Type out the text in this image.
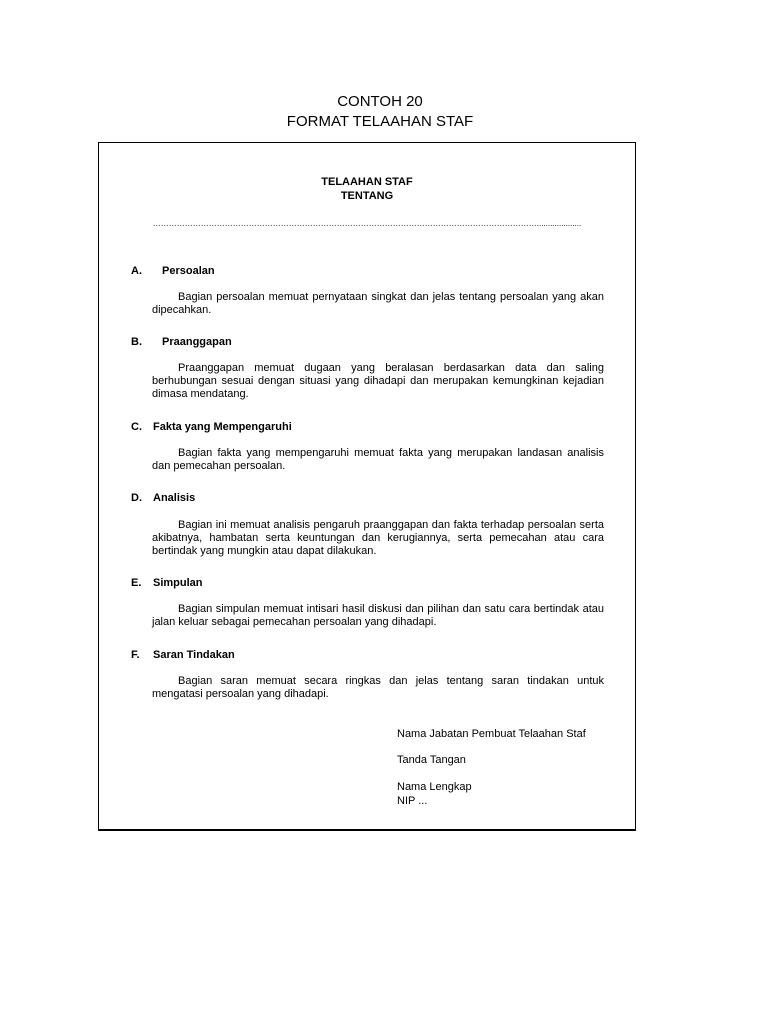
CONTOH 20
FORMAT TELAAHAN STAF
TELAAHAN STAF
TENTANG
………………………………………………………………………………………………………………………………....................
A. Persoalan
Bagian persoalan memuat pernyataan singkat dan jelas tentang persoalan yang akan dipecahkan.
B. Praanggapan
Praanggapan memuat dugaan yang beralasan berdasarkan data dan saling berhubungan sesuai dengan situasi yang dihadapi dan merupakan kemungkinan kejadian dimasa mendatang.
C. Fakta yang Mempengaruhi
Bagian fakta yang mempengaruhi memuat fakta yang merupakan landasan analisis dan pemecahan persoalan.
D. Analisis
Bagian ini memuat analisis pengaruh praanggapan dan fakta terhadap persoalan serta akibatnya, hambatan serta keuntungan dan kerugiannya, serta pemecahan atau cara bertindak yang mungkin atau dapat dilakukan.
E. Simpulan
Bagian simpulan memuat intisari hasil diskusi dan pilihan dan satu cara bertindak atau jalan keluar sebagai pemecahan persoalan yang dihadapi.
F. Saran Tindakan
Bagian saran memuat secara ringkas dan jelas tentang saran tindakan untuk mengatasi persoalan yang dihadapi.
Nama Jabatan Pembuat Telaahan Staf
Tanda Tangan
Nama Lengkap
NIP ...
